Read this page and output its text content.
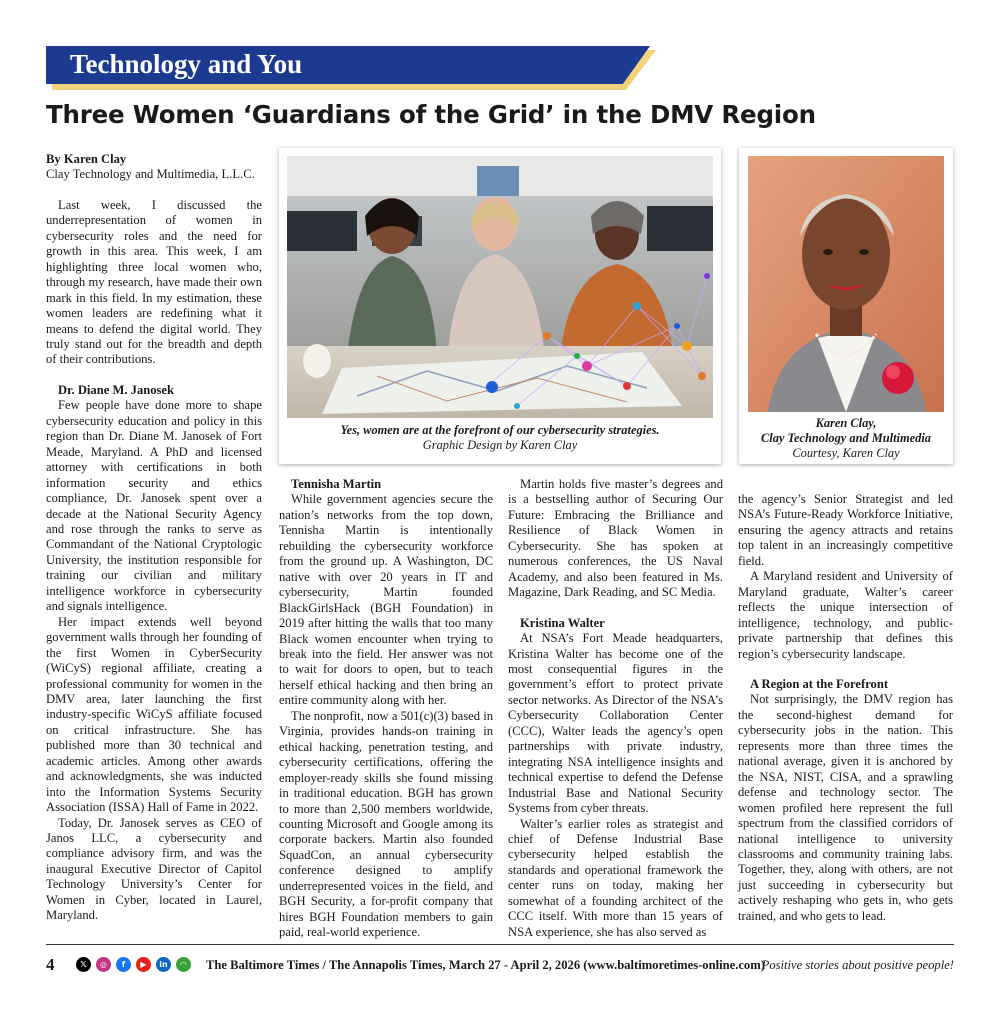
Technology and You
Three Women ‘Guardians of the Grid’ in the DMV Region

By Karen Clay

Clay Technology and Multimedia, L.L.C.

Last week, I discussed the underrepresentation of women in cybersecurity roles and the need for growth in this area. This week, I am highlighting three local women who, through my research, have made their own mark in this field. In my estimation, these women leaders are redefining what it means to defend the digital world. They truly stand out for the breadth and depth of their contributions.

Dr. Diane M. Janosek

Few people have done more to shape cybersecurity education and policy in this region than Dr. Diane M. Janosek of Fort Meade, Maryland. A PhD and licensed attorney with certifications in both information security and ethics compliance, Dr. Janosek spent over a decade at the National Security Agency and rose through the ranks to serve as Commandant of the National Cryptologic University, the institution responsible for training our civilian and military intelligence workforce in cybersecurity and signals intelligence.

Her impact extends well beyond government walls through her founding of the first Women in CyberSecurity (WiCyS) regional affiliate, creating a professional community for women in the DMV area, later launching the first industry-specific WiCyS affiliate focused on critical infrastructure. She has published more than 30 technical and academic articles. Among other awards and acknowledgments, she was inducted into the Information Systems Security Association (ISSA) Hall of Fame in 2022.

Today, Dr. Janosek serves as CEO of Janos LLC, a cybersecurity and compliance advisory firm, and was the inaugural Executive Director of Capitol Technology University’s Center for Women in Cyber, located in Laurel, Maryland.

Yes, women are at the forefront of our cybersecurity strategies.
Graphic Design by Karen Clay
Karen Clay,
Clay Technology and Multimedia
Courtesy, Karen Clay

Tennisha Martin

While government agencies secure the nation’s networks from the top down, Tennisha Martin is intentionally rebuilding the cybersecurity workforce from the ground up. A Washington, DC native with over 20 years in IT and cybersecurity, Martin founded BlackGirlsHack (BGH Foundation) in 2019 after hitting the walls that too many Black women encounter when trying to break into the field. Her answer was not to wait for doors to open, but to teach herself ethical hacking and then bring an entire community along with her.

The nonprofit, now a 501(c)(3) based in Virginia, provides hands-on training in ethical hacking, penetration testing, and cybersecurity certifications, offering the employer-ready skills she found missing in traditional education. BGH has grown to more than 2,500 members worldwide, counting Microsoft and Google among its corporate backers. Martin also founded SquadCon, an annual cybersecurity conference designed to amplify underrepresented voices in the field, and BGH Security, a for-profit company that hires BGH Foundation members to gain paid, real-world experience.

Martin holds five master’s degrees and is a bestselling author of Securing Our Future: Embracing the Brilliance and Resilience of Black Women in Cybersecurity. She has spoken at numerous conferences, the US Naval Academy, and also been featured in Ms. Magazine, Dark Reading, and SC Media.

Kristina Walter

At NSA’s Fort Meade headquarters, Kristina Walter has become one of the most consequential figures in the government’s effort to protect private sector networks. As Director of the NSA’s Cybersecurity Collaboration Center (CCC), Walter leads the agency’s open partnerships with private industry, integrating NSA intelligence insights and technical expertise to defend the Defense Industrial Base and National Security Systems from cyber threats.

Walter’s earlier roles as strategist and chief of Defense Industrial Base cybersecurity helped establish the standards and operational framework the center runs on today, making her somewhat of a founding architect of the CCC itself. With more than 15 years of NSA experience, she has also served as

the agency’s Senior Strategist and led NSA’s Future-Ready Workforce Initiative, ensuring the agency attracts and retains top talent in an increasingly competitive field.

A Maryland resident and University of Maryland graduate, Walter’s career reflects the unique intersection of intelligence, technology, and public-private partnership that defines this region’s cybersecurity landscape.

A Region at the Forefront

Not surprisingly, the DMV region has the second-highest demand for cybersecurity jobs in the nation. This represents more than three times the national average, given it is anchored by the NSA, NIST, CISA, and a sprawling defense and technology sector. The women profiled here represent the full spectrum from the classified corridors of national intelligence to university classrooms and community training labs. Together, they, along with others, are not just succeeding in cybersecurity but actively reshaping who gets in, who gets trained, and who gets to lead.

4	𝕏	◎	f	▶	in	◠	The Baltimore Times / The Annapolis Times, March 27 - April 2, 2026 (www.baltimoretimes-online.com)
Positive stories about positive people!
